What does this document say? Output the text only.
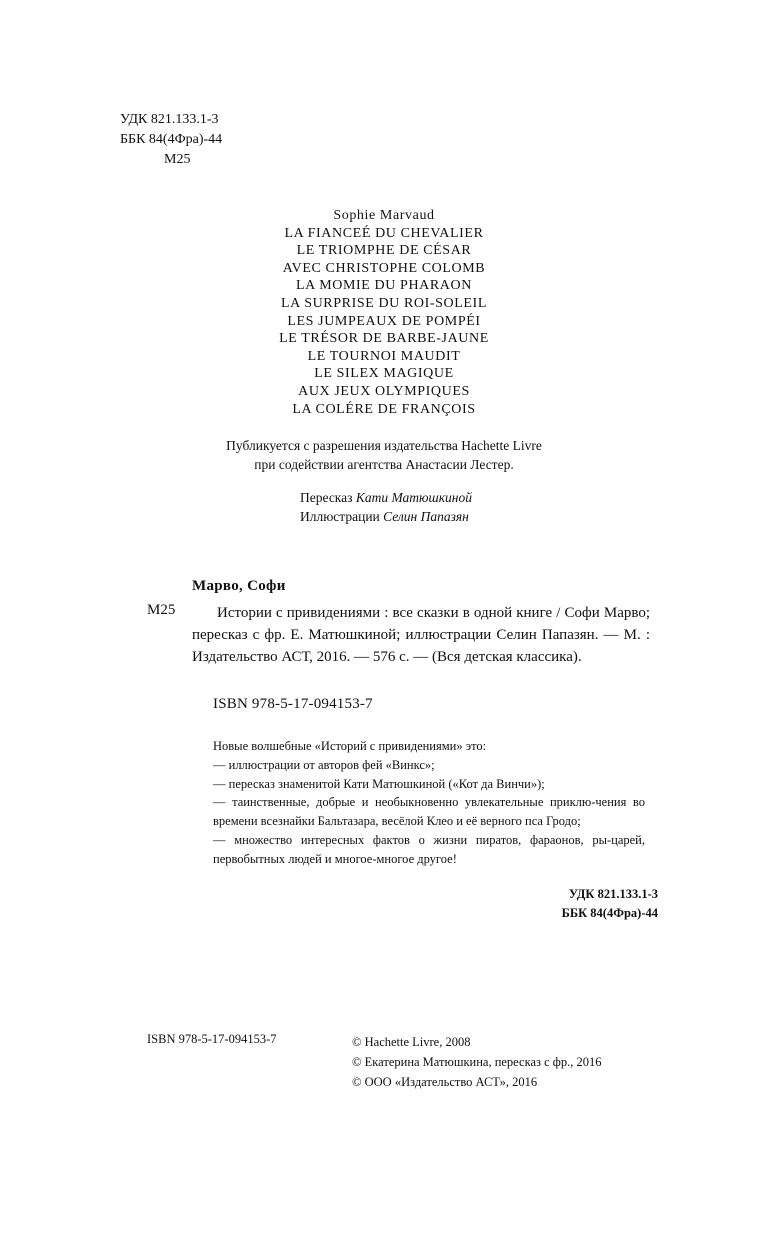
УДК 821.133.1-3
ББК 84(4Фра)-44
М25
Sophie Marvaud
LA FIANCEÉ DU CHEVALIER
LE TRIOMPHE DE CÉSAR
AVEC CHRISTOPHE COLOMB
LA MOMIE DU PHARAON
LA SURPRISE DU ROI-SOLEIL
LES JUMPEAUX DE POMPÉI
LE TRÉSOR DE BARBE-JAUNE
LE TOURNOI MAUDIT
LE SILEX MAGIQUE
AUX JEUX OLYMPIQUES
LA COLÉRE DE FRANÇOIS
Публикуется с разрешения издательства Hachette Livre
при содействии агентства Анастасии Лестер.
Пересказ Кати Матюшкиной
Иллюстрации Селин Папазян
Марво, Софи
М25	Истории с привидениями : все сказки в одной книге / Софи Марво; пересказ с фр. Е. Матюшкиной; иллюстрации Селин Папазян. — М. : Издательство АСТ, 2016. — 576 с. — (Вся детская классика).
ISBN 978-5-17-094153-7

Новые волшебные «Историй с привидениями» это:

— иллюстрации от авторов фей «Винкс»;

— пересказ знаменитой Кати Матюшкиной («Кот да Винчи»);

— таинственные, добрые и необыкновенно увлекательные приклю-чения во времени всезнайки Бальтазара, весёлой Клео и её верного пса Гродо;

— множество интересных фактов о жизни пиратов, фараонов, ры-царей, первобытных людей и многое-многое другое!

УДК 821.133.1-3
ББК 84(4Фра)-44
ISBN 978-5-17-094153-7	© Hachette Livre, 2008
© Екатерина Матюшкина, пересказ с фр., 2016
© ООО «Издательство АСТ», 2016
